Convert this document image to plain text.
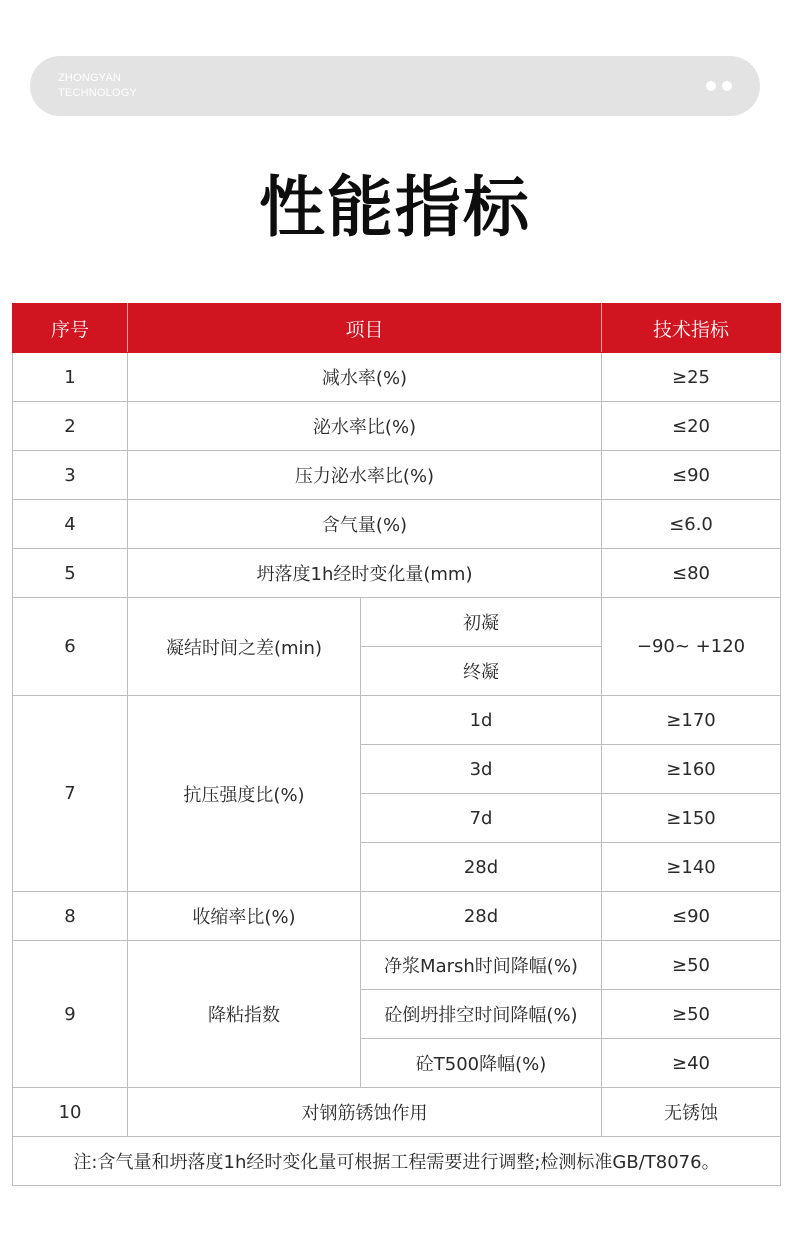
ZHONGYAN
TECHNOLOGY
性能指标
序号	项目		技术指标
1	减水率(%)		≥25
2	泌水率比(%)		≤20
3	压力泌水率比(%)		≤90
4	含气量(%)		≤6.0
5	坍落度1h经时变化量(mm)		≤80
6	凝结时间之差(min)	初凝	−90~ +120
		终凝	
7	抗压强度比(%)	1d	≥170
		3d	≥160
		7d	≥150
		28d	≥140
8	收缩率比(%)	28d	≤90
9	降粘指数	净浆Marsh时间降幅(%)	≥50
		砼倒坍排空时间降幅(%)	≥50
		砼T500降幅(%)	≥40
10	对钢筋锈蚀作用		无锈蚀
注:含气量和坍落度1h经时变化量可根据工程需要进行调整;检测标准GB/T8076。			
